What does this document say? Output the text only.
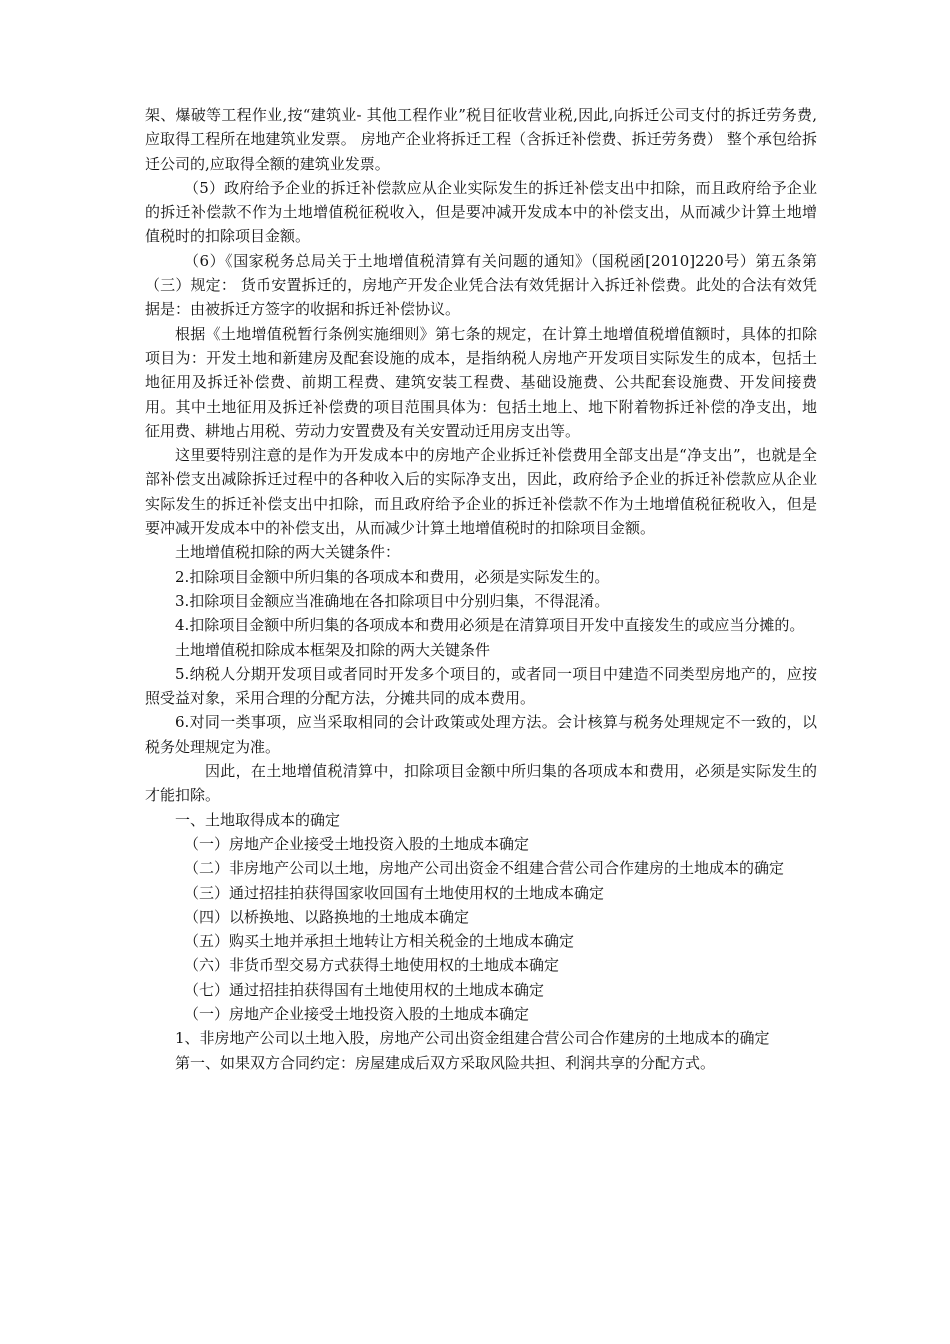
架、爆破等工程作业,按“建筑业- 其他工程作业”税目征收营业税,因此,向拆迁公司支付的拆迁劳务费,应取得工程所在地建筑业发票。 房地产企业将拆迁工程（含拆迁补偿费、拆迁劳务费） 整个承包给拆迁公司的,应取得全额的建筑业发票。

（5）政府给予企业的拆迁补偿款应从企业实际发生的拆迁补偿支出中扣除，而且政府给予企业的拆迁补偿款不作为土地增值税征税收入，但是要冲减开发成本中的补偿支出，从而减少计算土地增值税时的扣除项目金额。

（6）《国家税务总局关于土地增值税清算有关问题的通知》（国税函[2010]220号）第五条第（三）规定： 货币安置拆迁的，房地产开发企业凭合法有效凭据计入拆迁补偿费。此处的合法有效凭据是：由被拆迁方签字的收据和拆迁补偿协议。

根据《土地增值税暂行条例实施细则》第七条的规定，在计算土地增值税增值额时，具体的扣除项目为：开发土地和新建房及配套设施的成本，是指纳税人房地产开发项目实际发生的成本，包括土地征用及拆迁补偿费、前期工程费、建筑安装工程费、基础设施费、公共配套设施费、开发间接费用。其中土地征用及拆迁补偿费的项目范围具体为：包括土地上、地下附着物拆迁补偿的净支出，地征用费、耕地占用税、劳动力安置费及有关安置动迁用房支出等。

这里要特别注意的是作为开发成本中的房地产企业拆迁补偿费用全部支出是“净支出”，也就是全部补偿支出减除拆迁过程中的各种收入后的实际净支出，因此，政府给予企业的拆迁补偿款应从企业实际发生的拆迁补偿支出中扣除，而且政府给予企业的拆迁补偿款不作为土地增值税征税收入，但是要冲减开发成本中的补偿支出，从而减少计算土地增值税时的扣除项目金额。

土地增值税扣除的两大关键条件：

2.扣除项目金额中所归集的各项成本和费用，必须是实际发生的。

3.扣除项目金额应当准确地在各扣除项目中分别归集，不得混淆。

4.扣除项目金额中所归集的各项成本和费用必须是在清算项目开发中直接发生的或应当分摊的。

土地增值税扣除成本框架及扣除的两大关键条件

5.纳税人分期开发项目或者同时开发多个项目的，或者同一项目中建造不同类型房地产的，应按照受益对象，采用合理的分配方法，分摊共同的成本费用。

6.对同一类事项，应当采取相同的会计政策或处理方法。会计核算与税务处理规定不一致的，以税务处理规定为准。

因此，在土地增值税清算中，扣除项目金额中所归集的各项成本和费用，必须是实际发生的才能扣除。

一、土地取得成本的确定

（一）房地产企业接受土地投资入股的土地成本确定

（二）非房地产公司以土地，房地产公司出资金不组建合营公司合作建房的土地成本的确定

（三）通过招挂拍获得国家收回国有土地使用权的土地成本确定

（四）以桥换地、以路换地的土地成本确定

（五）购买土地并承担土地转让方相关税金的土地成本确定

（六）非货币型交易方式获得土地使用权的土地成本确定

（七）通过招挂拍获得国有土地使用权的土地成本确定

（一）房地产企业接受土地投资入股的土地成本确定

1、非房地产公司以土地入股，房地产公司出资金组建合营公司合作建房的土地成本的确定

第一、如果双方合同约定：房屋建成后双方采取风险共担、利润共享的分配方式。
